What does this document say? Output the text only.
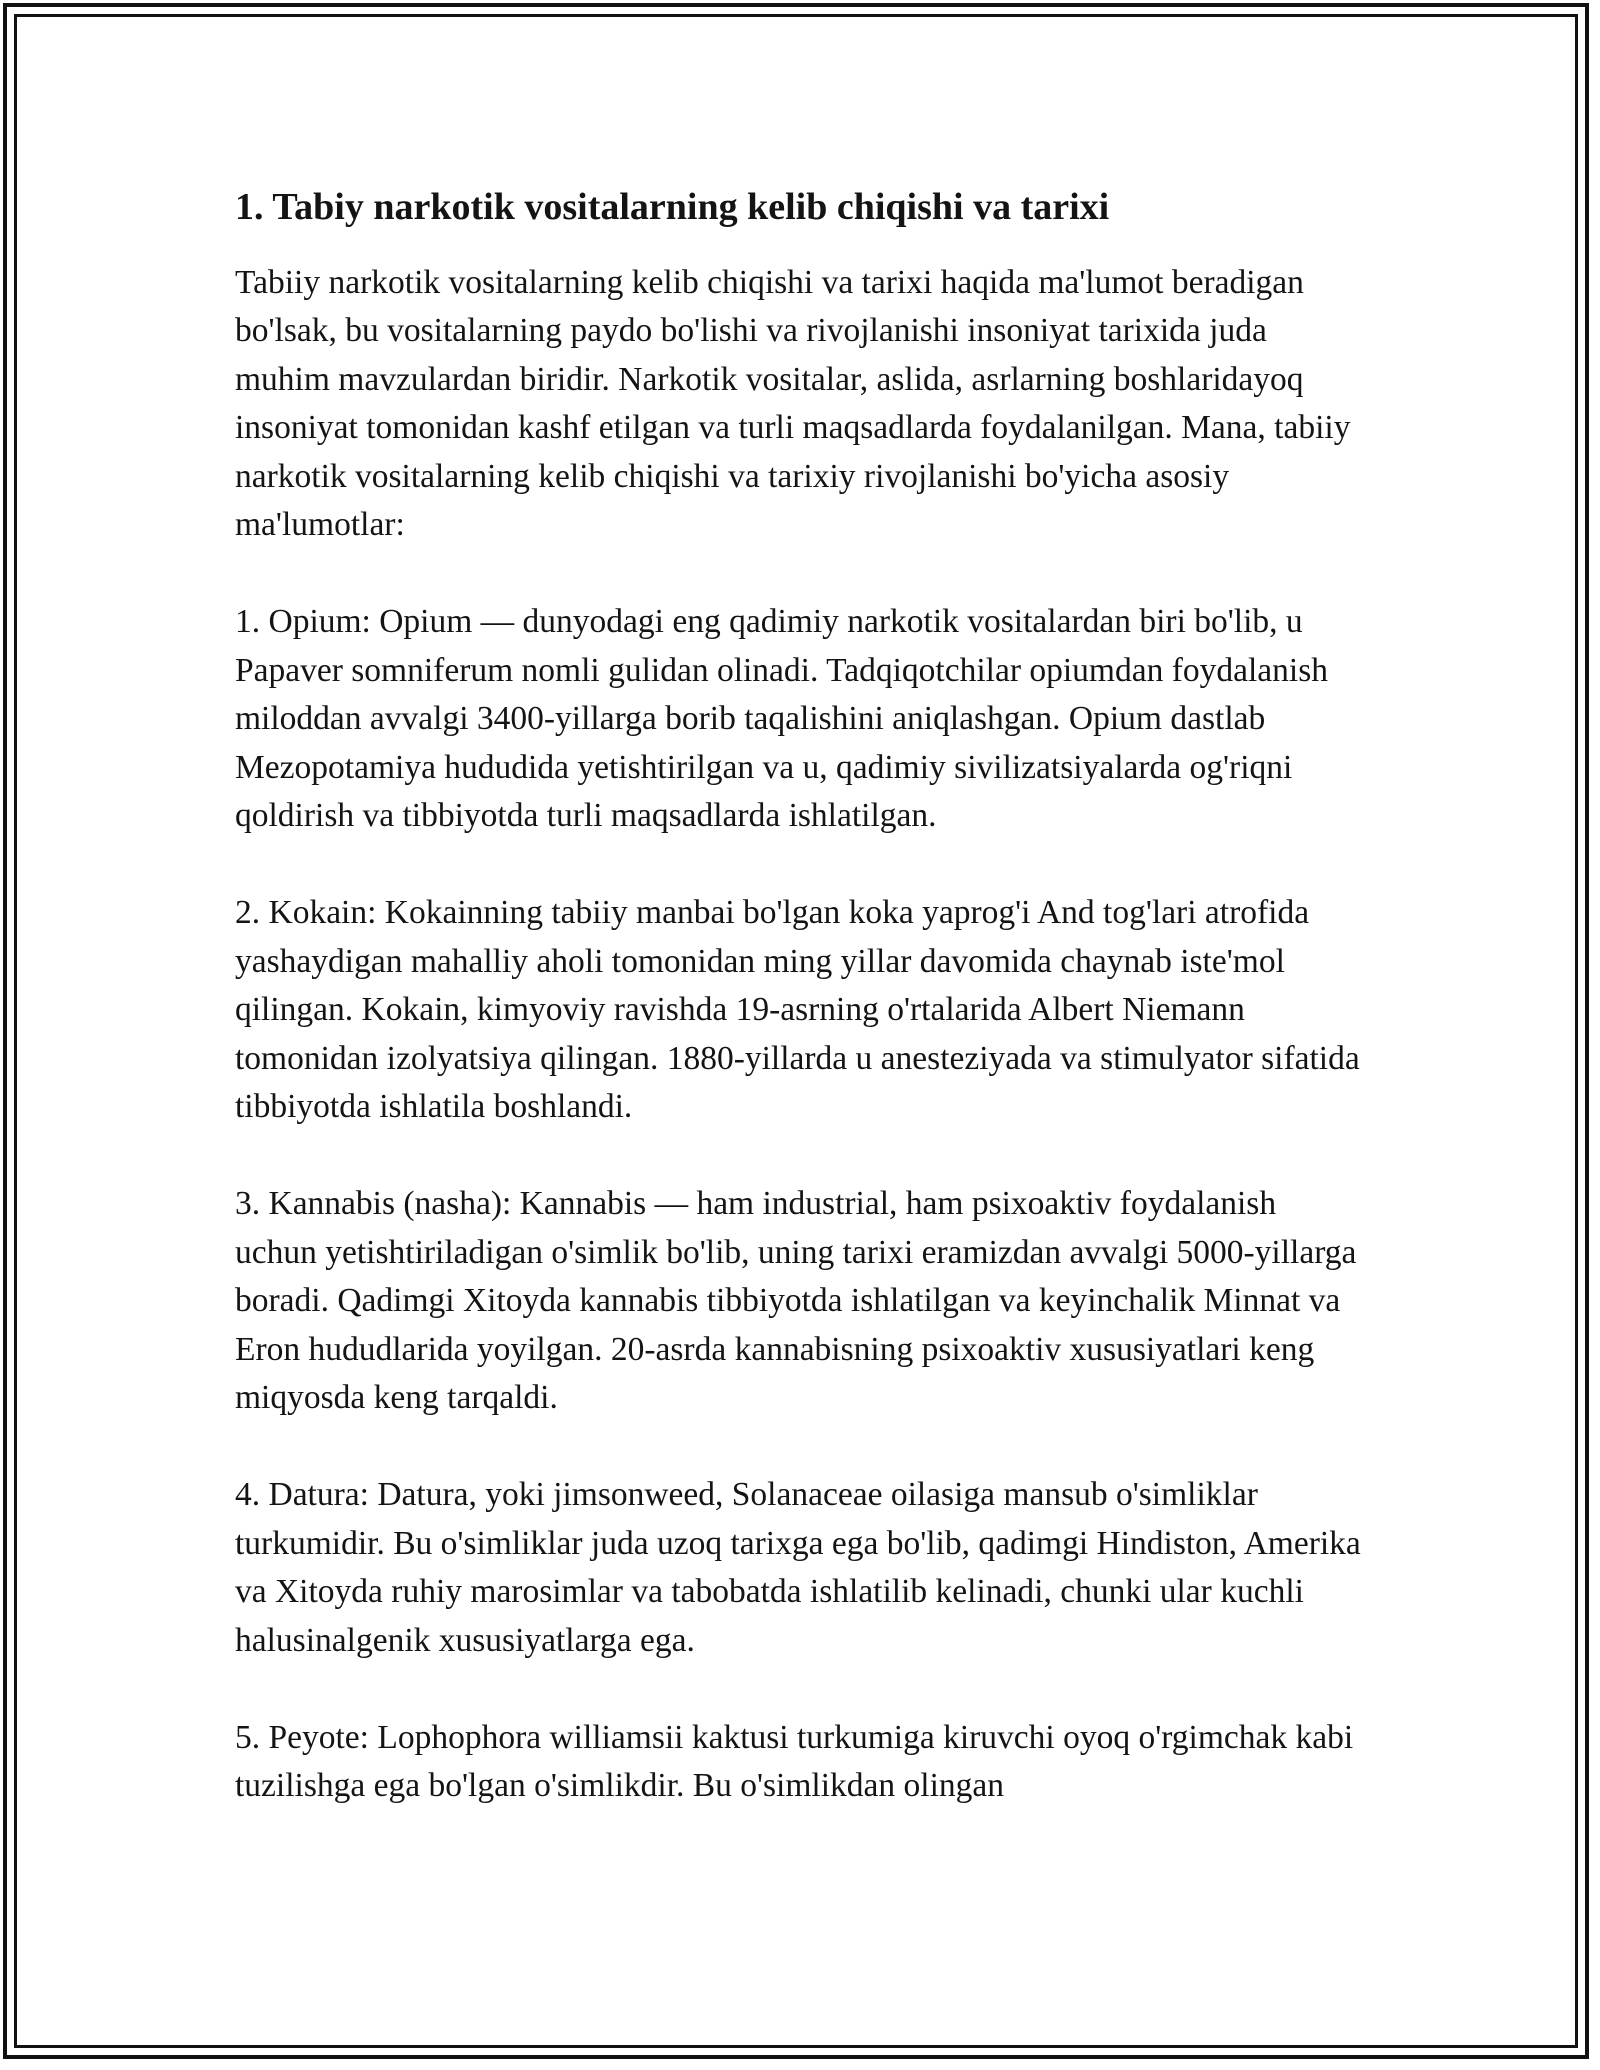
1. Tabiy narkotik vositalarning kelib chiqishi va tarixi

Tabiiy narkotik vositalarning kelib chiqishi va tarixi haqida ma'lumot beradigan bo'lsak, bu vositalarning paydo bo'lishi va rivojlanishi insoniyat tarixida juda muhim mavzulardan biridir. Narkotik vositalar, aslida, asrlarning boshlaridayoq insoniyat tomonidan kashf etilgan va turli maqsadlarda foydalanilgan. Mana, tabiiy narkotik vositalarning kelib chiqishi va tarixiy rivojlanishi bo'yicha asosiy ma'lumotlar:

1. Opium: Opium — dunyodagi eng qadimiy narkotik vositalardan biri bo'lib, u Papaver somniferum nomli gulidan olinadi. Tadqiqotchilar opiumdan foydalanish miloddan avvalgi 3400-yillarga borib taqalishini aniqlashgan. Opium dastlab Mezopotamiya hududida yetishtirilgan va u, qadimiy sivilizatsiyalarda og'riqni qoldirish va tibbiyotda turli maqsadlarda ishlatilgan.

2. Kokain: Kokainning tabiiy manbai bo'lgan koka yaprog'i And tog'lari atrofida yashaydigan mahalliy aholi tomonidan ming yillar davomida chaynab iste'mol qilingan. Kokain, kimyoviy ravishda 19-asrning o'rtalarida Albert Niemann tomonidan izolyatsiya qilingan. 1880-yillarda u anesteziyada va stimulyator sifatida tibbiyotda ishlatila boshlandi.

3. Kannabis (nasha): Kannabis — ham industrial, ham psixoaktiv foydalanish uchun yetishtiriladigan o'simlik bo'lib, uning tarixi eramizdan avvalgi 5000-yillarga boradi. Qadimgi Xitoyda kannabis tibbiyotda ishlatilgan va keyinchalik Minnat va Eron hududlarida yoyilgan. 20-asrda kannabisning psixoaktiv xususiyatlari keng miqyosda keng tarqaldi.

4. Datura: Datura, yoki jimsonweed, Solanaceae oilasiga mansub o'simliklar turkumidir. Bu o'simliklar juda uzoq tarixga ega bo'lib, qadimgi Hindiston, Amerika va Xitoyda ruhiy marosimlar va tabobatda ishlatilib kelinadi, chunki ular kuchli halusinalgenik xususiyatlarga ega.

5. Peyote: Lophophora williamsii kaktusi turkumiga kiruvchi oyoq o'rgimchak kabi tuzilishga ega bo'lgan o'simlikdir. Bu o'simlikdan olingan
